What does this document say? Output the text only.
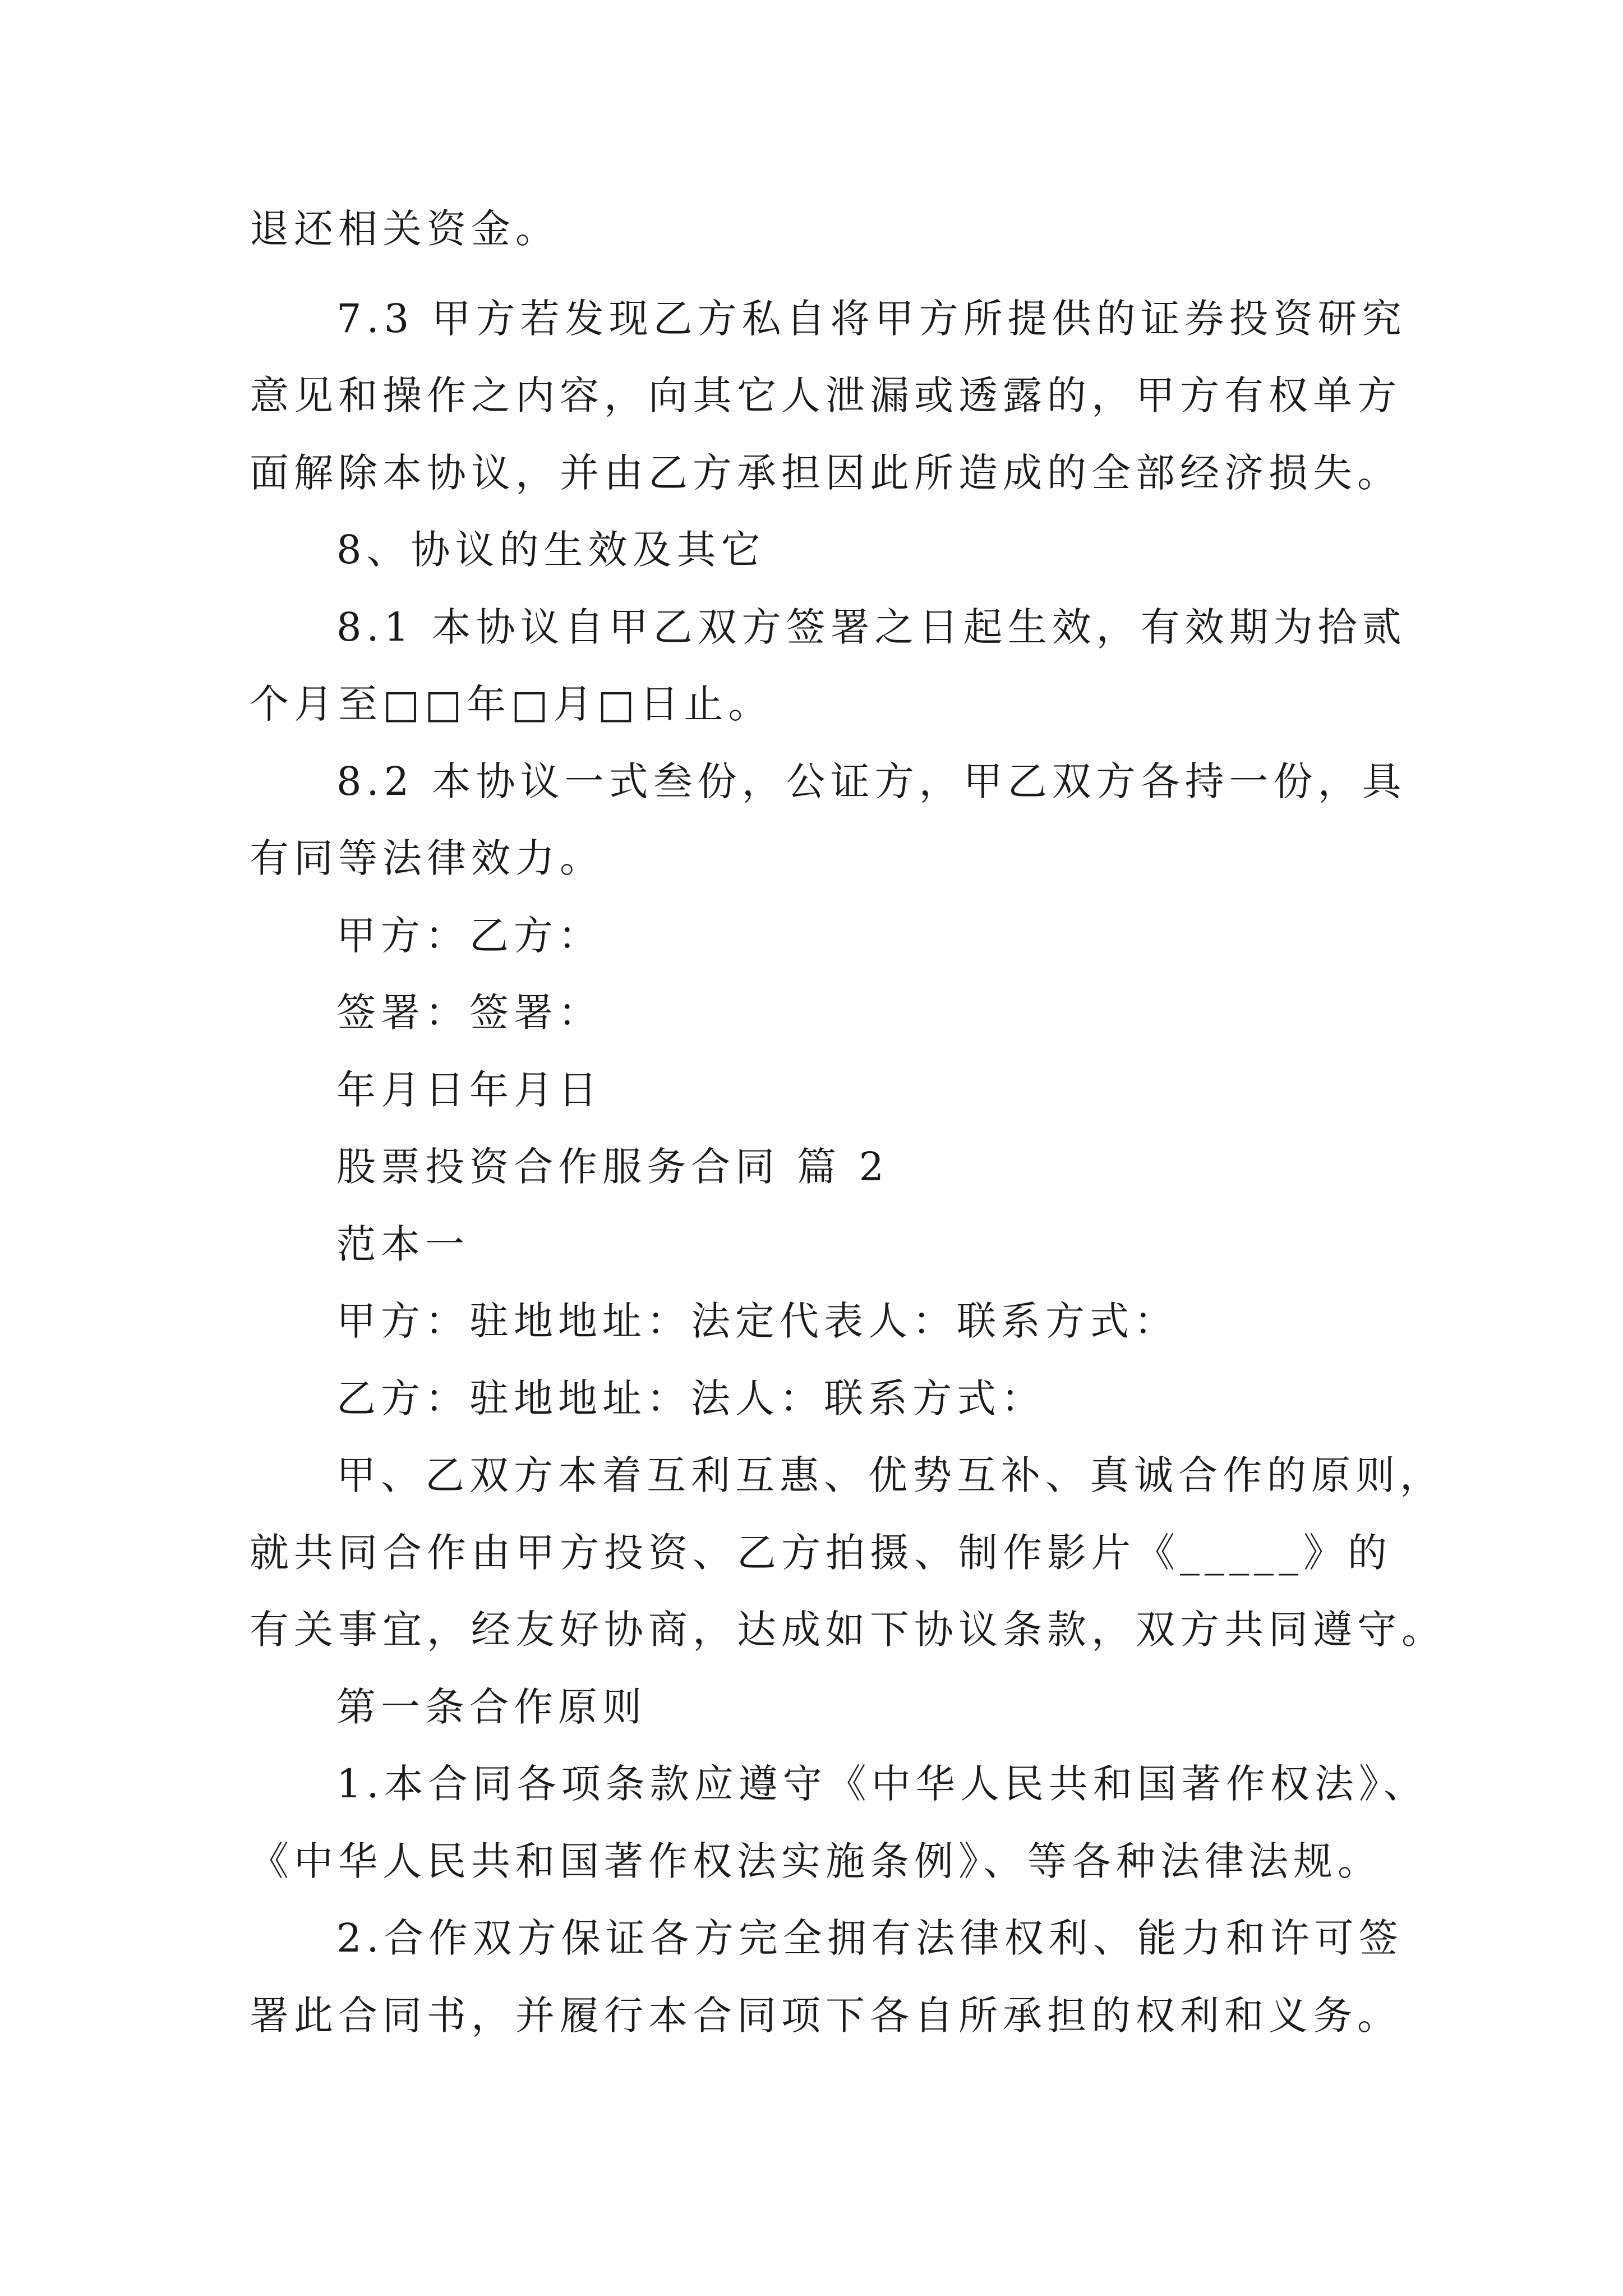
退还相关资金。
7.3 甲方若发现乙方私自将甲方所提供的证券投资研究
意见和操作之内容，向其它人泄漏或透露的，甲方有权单方
面解除本协议，并由乙方承担因此所造成的全部经济损失。
8、协议的生效及其它
8.1 本协议自甲乙双方签署之日起生效，有效期为拾贰
个月至□□年□月□日止。
8.2 本协议一式叁份，公证方，甲乙双方各持一份，具
有同等法律效力。
甲方：乙方：
签署：签署：
年月日年月日
股票投资合作服务合同 篇 2
范本一
甲方：驻地地址：法定代表人：联系方式：
乙方：驻地地址：法人：联系方式：
甲、乙双方本着互利互惠、优势互补、真诚合作的原则，
就共同合作由甲方投资、乙方拍摄、制作影片《_____》的
有关事宜，经友好协商，达成如下协议条款，双方共同遵守。
第一条合作原则
1.本合同各项条款应遵守《中华人民共和国著作权法》、
《中华人民共和国著作权法实施条例》、等各种法律法规。
2.合作双方保证各方完全拥有法律权利、能力和许可签
署此合同书，并履行本合同项下各自所承担的权利和义务。
